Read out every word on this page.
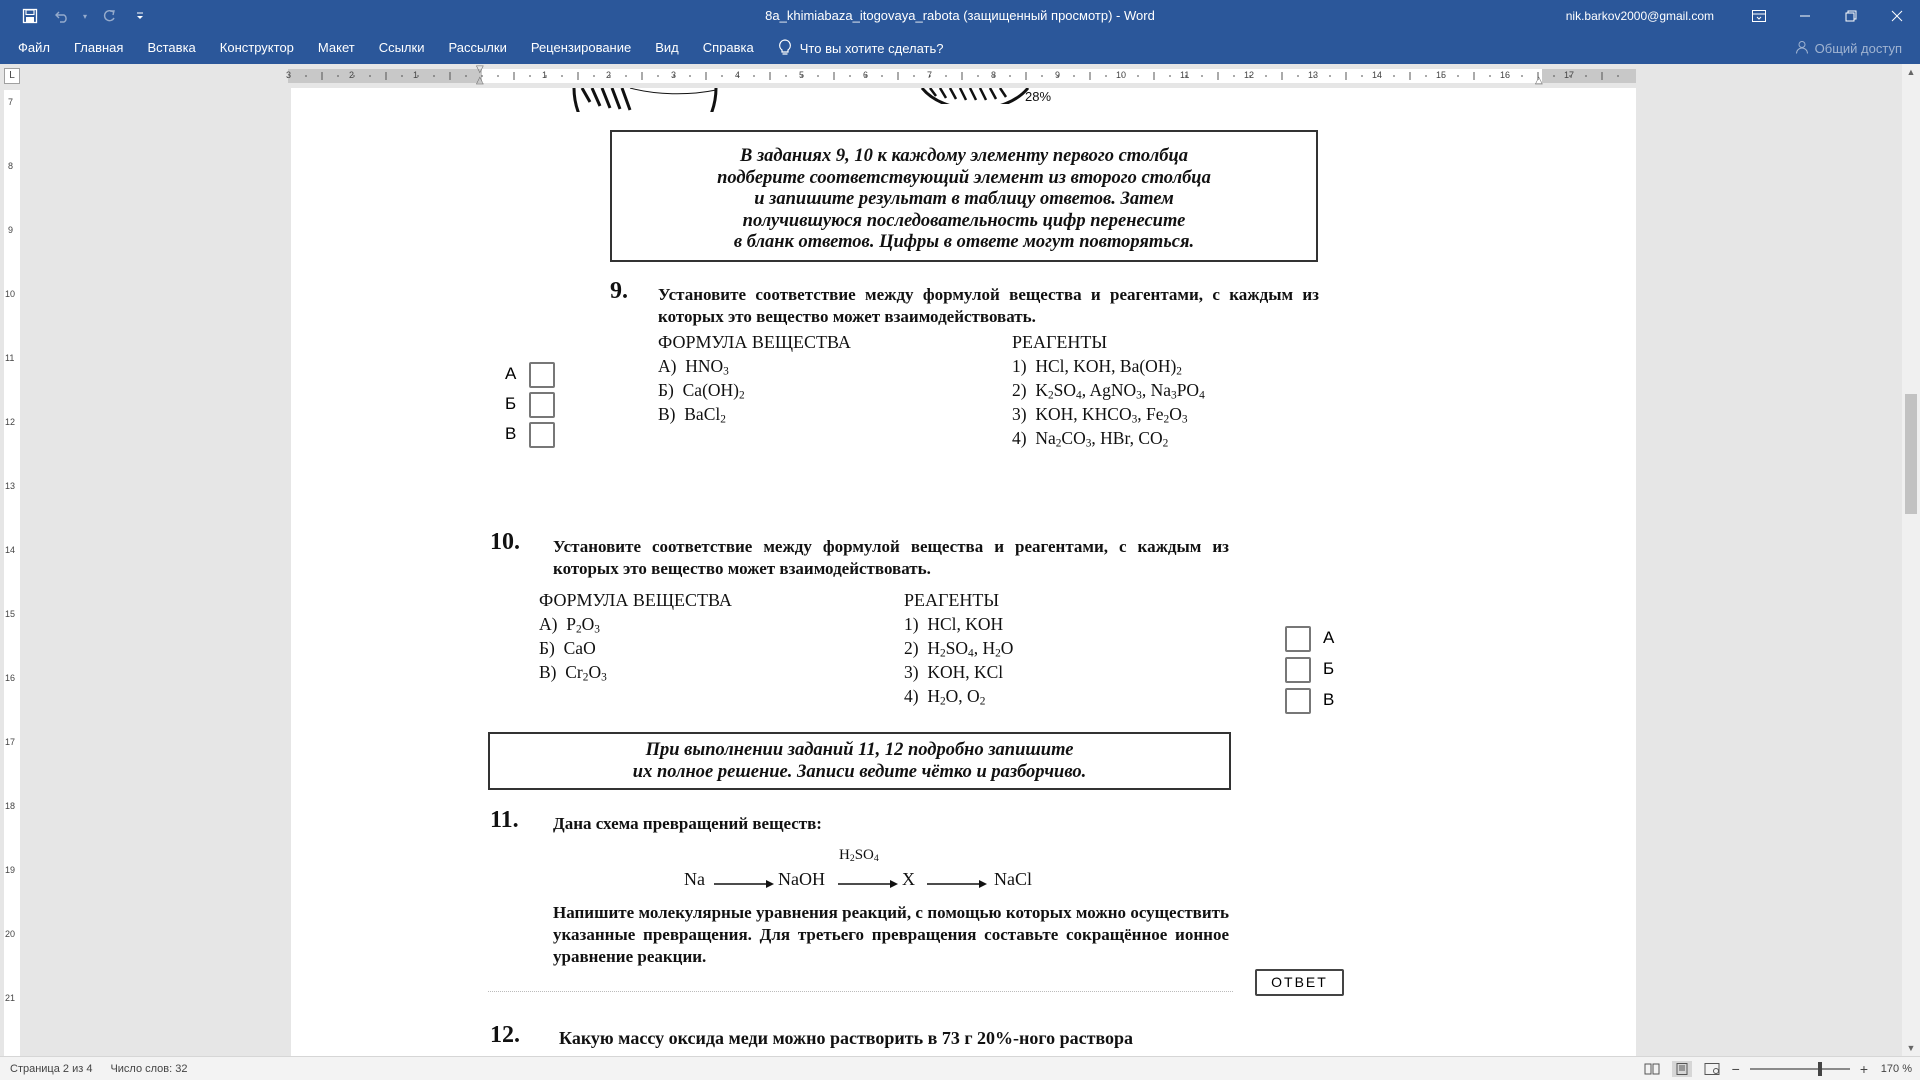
▾	8a_khimiabaza_itogovaya_rabota (защищенный просмотр) - Word	nik.barkov2000@gmail.com
Файл	Главная	Вставка	Конструктор	Макет	Ссылки	Рассылки	Рецензирование	Вид	Справка	Что вы хотите сделать?	Общий доступ
L	3	2	1	1	2	3	4	5	6	7	8	9	10	11	12	13	14	15	16	17
▽
△	△
7
8
9
10
11
12
13
14
15
16
17
18
19
20
21
28%
В заданиях 9, 10 к каждому элементу первого столбца
подберите соответствующий элемент из второго столбца
и запишите результат в таблицу ответов. Затем
получившуюся последовательность цифр перенесите
в бланк ответов. Цифры в ответе могут повторяться.
9. Установите соответствие между формулой вещества и реагентами, с каждым из которых это вещество может взаимодействовать.
ФОРМУЛА ВЕЩЕСТВА	РЕАГЕНТЫ
А)  $HNO_3$
Б)  $Ca(OH)_2$
В)  BaCl$_2$
1)  HCl, KOH, $Ba(OH)_2$
2)  $K_2SO_4$, AgNO$_3$, $Na_3PO_4$
3)  KOH, $KHCO_3$, $Fe_2O_3$
4)  $Na_2CO_3$, HBr, $CO_2$
А
Б
В
10. Установите соответствие между формулой вещества и реагентами, с каждым из которых это вещество может взаимодействовать.
ФОРМУЛА ВЕЩЕСТВА	РЕАГЕНТЫ
А)  $P_2O_3$
Б)  CaO
В)  $Cr_2O_3$
1)  HCl, KOH
2)  $H_2SO_4$, $H_2O$
3)  KOH, KCl
4)  $H_2O$, $O_2$
А
Б
В
При выполнении заданий 11, 12 подробно запишите
их полное решение. Записи ведите чётко и разборчиво.
11. Дана схема превращений веществ:
Na	NaOH
$H_2SO_4$
X	NaCl
Напишите молекулярные уравнения реакций, с помощью которых можно осуществить указанные превращения. Для третьего превращения составьте сокращённое ионное уравнение реакции.
ОТВЕТ
12. Какую массу оксида меди можно растворить в 73 г 20%-ного раствора
▲
▼
Страница 2 из 4	Число слов: 32	−	+ 170 %
